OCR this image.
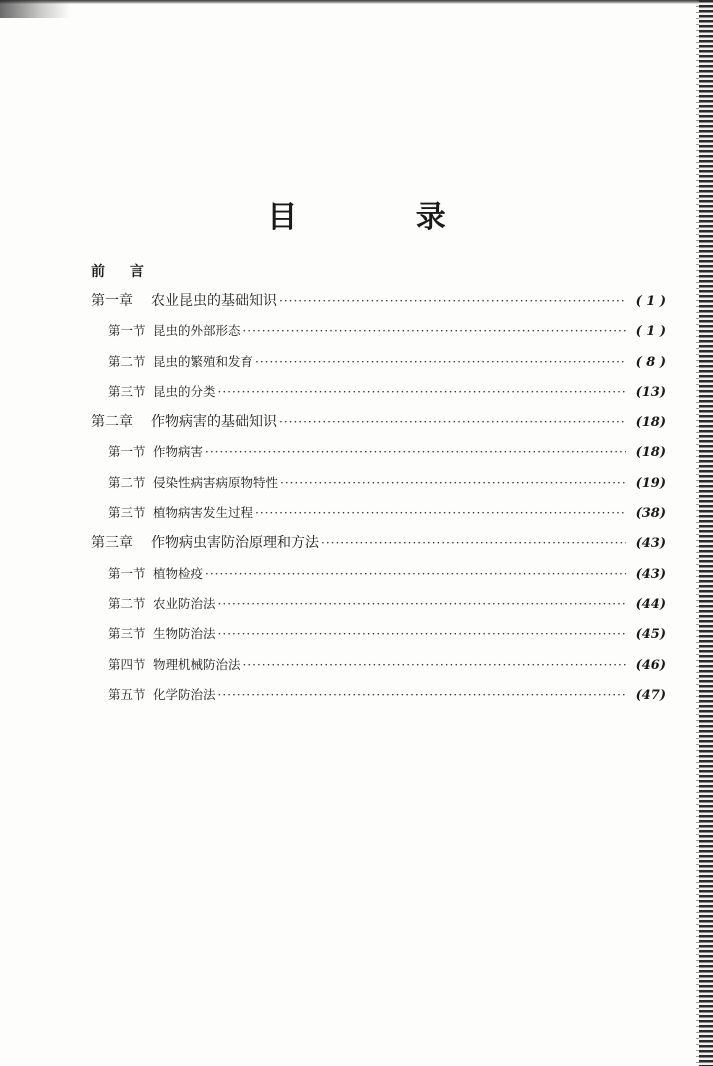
目 录
前 言
第一章	农业昆虫的基础知识 ·····	( 1 )
第一节 昆虫的外部形态 ·····	( 1 )
第二节 昆虫的繁殖和发育 ·····	( 8 )
第三节 昆虫的分类 ·····	(13)
第二章	作物病害的基础知识 ·····	(18)
第一节 作物病害 ·····	(18)
第二节 侵染性病害病原物特性 ·····	(19)
第三节 植物病害发生过程 ·····	(38)
第三章	作物病虫害防治原理和方法 ·····	(43)
第一节 植物检疫 ·····	(43)
第二节 农业防治法 ·····	(44)
第三节 生物防治法 ·····	(45)
第四节 物理机械防治法 ·····	(46)
第五节 化学防治法 ·····	(47)
